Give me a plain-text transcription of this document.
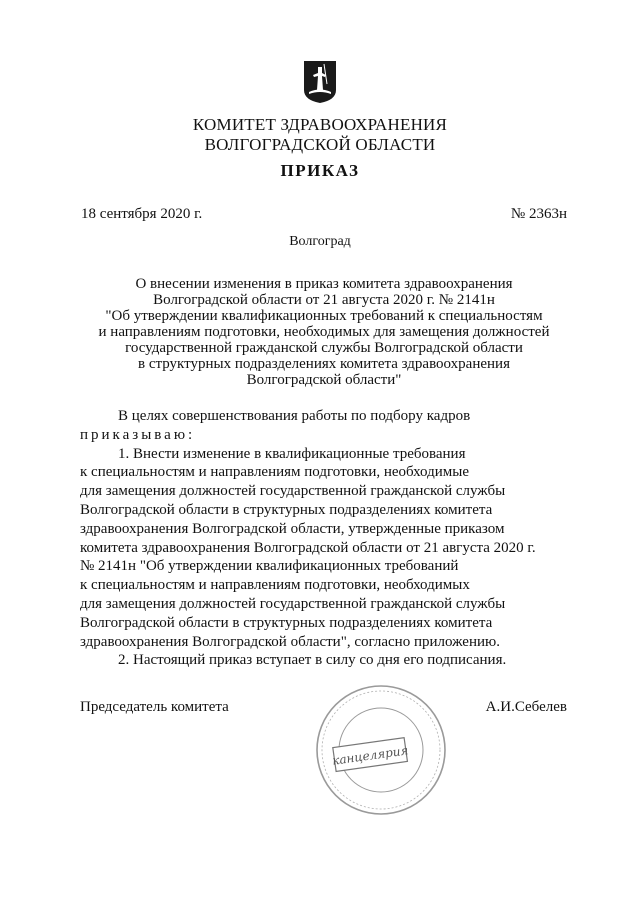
КОМИТЕТ ЗДРАВООХРАНЕНИЯ
ВОЛГОГРАДСКОЙ ОБЛАСТИ
ПРИКАЗ
18 сентября 2020 г.	№ 2363н
Волгоград
О внесении изменения в приказ комитета здравоохранения
Волгоградской области от 21 августа 2020 г. № 2141н
"Об утверждении квалификационных требований к специальностям
и направлениям подготовки, необходимых для замещения должностей
государственной гражданской службы Волгоградской области
в структурных подразделениях комитета здравоохранения
Волгоградской области"
В целях совершенствования работы по подбору кадров
приказываю:
1. Внести изменение в квалификационные требования
к специальностям и направлениям подготовки, необходимые
для замещения должностей государственной гражданской службы
Волгоградской области в структурных подразделениях комитета
здравоохранения Волгоградской области, утвержденные приказом
комитета здравоохранения Волгоградской области от 21 августа 2020 г.
№ 2141н "Об утверждении квалификационных требований
к специальностям и направлениям подготовки, необходимых
для замещения должностей государственной гражданской службы
Волгоградской области в структурных подразделениях комитета
здравоохранения Волгоградской области", согласно приложению.
2. Настоящий приказ вступает в силу со дня его подписания.
Председатель комитета	А.И.Себелев
канцелярия
